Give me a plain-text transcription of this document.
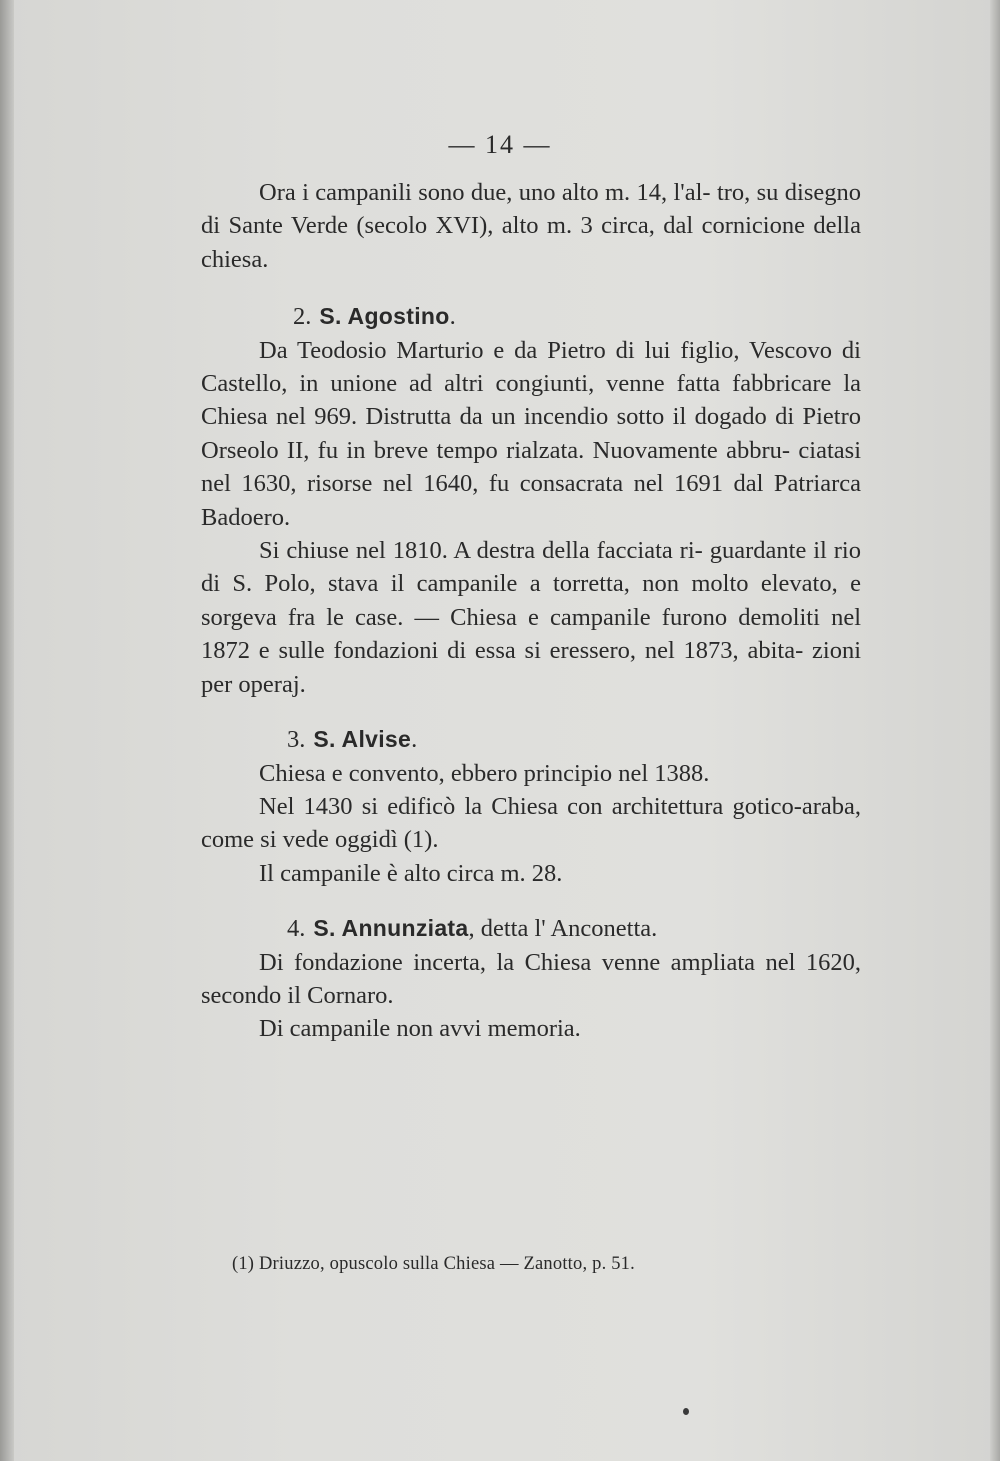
— 14 —

Ora i campanili sono due, uno alto m. 14, l'al- tro, su disegno di Sante Verde (secolo XVI), alto m. 3 circa, dal cornicione della chiesa.

2. S. Agostino.

Da Teodosio Marturio e da Pietro di lui figlio, Vescovo di Castello, in unione ad altri congiunti, venne fatta fabbricare la Chiesa nel 969. Distrutta da un incendio sotto il dogado di Pietro Orseolo II, fu in breve tempo rialzata. Nuovamente abbru- ciatasi nel 1630, risorse nel 1640, fu consacrata nel 1691 dal Patriarca Badoero.

Si chiuse nel 1810. A destra della facciata ri- guardante il rio di S. Polo, stava il campanile a torretta, non molto elevato, e sorgeva fra le case. — Chiesa e campanile furono demoliti nel 1872 e sulle fondazioni di essa si eressero, nel 1873, abita- zioni per operaj.

3. S. Alvise.

Chiesa e convento, ebbero principio nel 1388.

Nel 1430 si edificò la Chiesa con architettura gotico-araba, come si vede oggidì (1).

Il campanile è alto circa m. 28.

4. S. Annunziata, detta l' Anconetta.

Di fondazione incerta, la Chiesa venne ampliata nel 1620, secondo il Cornaro.

Di campanile non avvi memoria.

(1) Driuzzo, opuscolo sulla Chiesa — Zanotto, p. 51.
